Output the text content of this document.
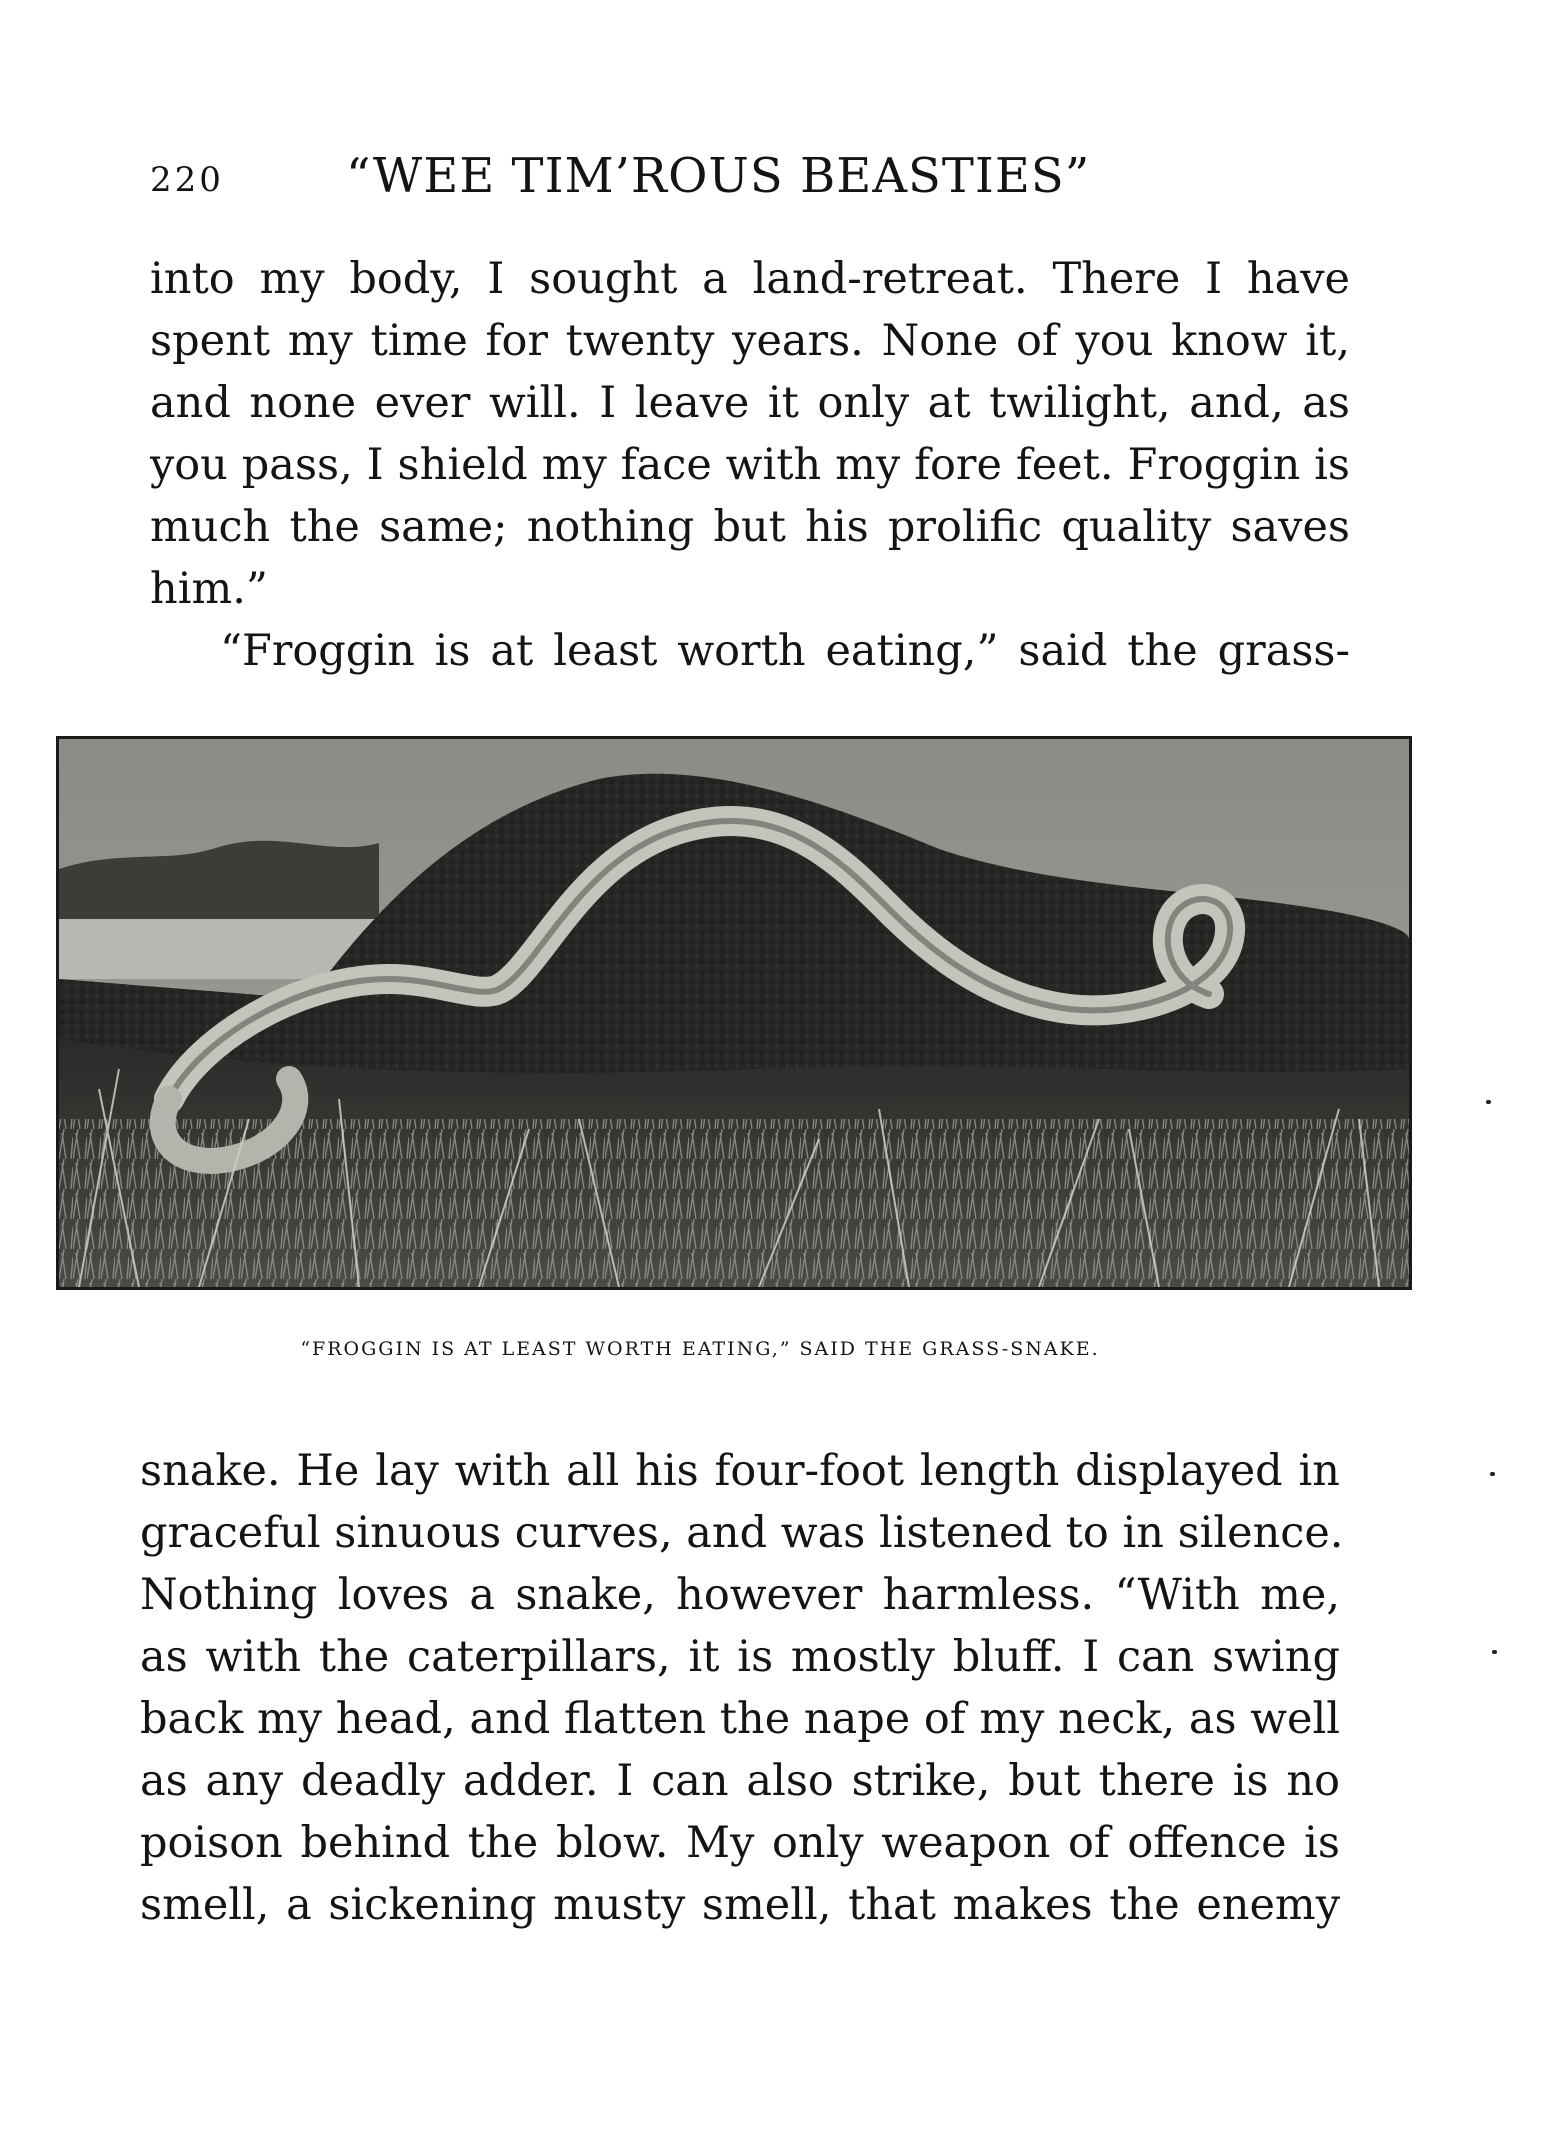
220	“WEE TIM’ROUS BEASTIES”
into my body, I sought a land-retreat. There I have
spent my time for twenty years. None of you know it,
and none ever will. I leave it only at twilight, and, as
you pass, I shield my face with my fore feet. Froggin is
much the same; nothing but his prolific quality saves
him.”
“Froggin is at least worth eating,” said the grass-
“FROGGIN IS AT LEAST WORTH EATING,” SAID THE GRASS-SNAKE.
snake. He lay with all his four-foot length displayed in
graceful sinuous curves, and was listened to in silence.
Nothing loves a snake, however harmless. “With me,
as with the caterpillars, it is mostly bluff. I can swing
back my head, and flatten the nape of my neck, as well
as any deadly adder. I can also strike, but there is no
poison behind the blow. My only weapon of offence is
smell, a sickening musty smell, that makes the enemy
